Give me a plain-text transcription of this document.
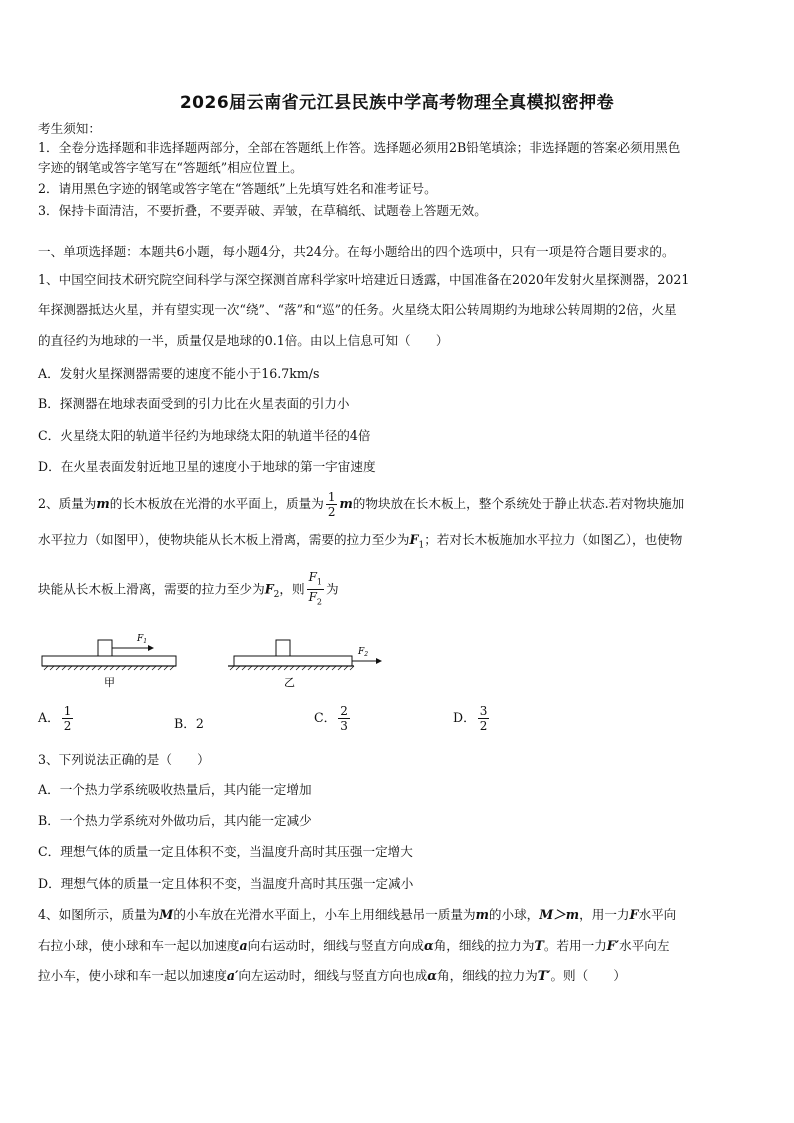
2026届云南省元江县民族中学高考物理全真模拟密押卷
考生须知：
1．全卷分选择题和非选择题两部分，全部在答题纸上作答。选择题必须用2B铅笔填涂；非选择题的答案必须用黑色
字迹的钢笔或答字笔写在“答题纸”相应位置上。
2．请用黑色字迹的钢笔或答字笔在“答题纸”上先填写姓名和准考证号。
3．保持卡面清洁，不要折叠，不要弄破、弄皱，在草稿纸、试题卷上答题无效。
一、单项选择题：本题共6小题，每小题4分，共24分。在每小题给出的四个选项中，只有一项是符合题目要求的。
1、中国空间技术研究院空间科学与深空探测首席科学家叶培建近日透露，中国准备在2020年发射火星探测器，2021
年探测器抵达火星，并有望实现一次“绕”、“落”和“巡”的任务。火星绕太阳公转周期约为地球公转周期的2倍，火星
的直径约为地球的一半，质量仅是地球的0.1倍。由以上信息可知（　　）
A．发射火星探测器需要的速度不能小于16.7km/s
B．探测器在地球表面受到的引力比在火星表面的引力小
C．火星绕太阳的轨道半径约为地球绕太阳的轨道半径的4倍
D．在火星表面发射近地卫星的速度小于地球的第一宇宙速度
2、质量为m的长木板放在光滑的水平面上，质量为 $\frac{1}{2}$ m的物块放在长木板上，整个系统处于静止状态.若对物块施加
水平拉力（如图甲），使物块能从长木板上滑离，需要的拉力至少为$F_1$；若对长木板施加水平拉力（如图乙），也使物
块能从长木板上滑离，需要的拉力至少为$F_2$，则 $\frac{F_1}{F_2}$ 为
$F_1$
$F_2$
甲	乙
A． $\frac{1}{2}$	B．2	C． $\frac{2}{3}$	D． $\frac{3}{2}$
3、下列说法正确的是（　　）
A．一个热力学系统吸收热量后，其内能一定增加
B．一个热力学系统对外做功后，其内能一定减少
C．理想气体的质量一定且体积不变，当温度升高时其压强一定增大
D．理想气体的质量一定且体积不变，当温度升高时其压强一定减小
4、如图所示，质量为M的小车放在光滑水平面上，小车上用细线悬吊一质量为m的小球，M＞m，用一力F水平向
右拉小球，使小球和车一起以加速度a向右运动时，细线与竖直方向成α角，细线的拉力为T。若用一力F′水平向左
拉小车，使小球和车一起以加速度a′向左运动时，细线与竖直方向也成α角，细线的拉力为T′。则（　　）
